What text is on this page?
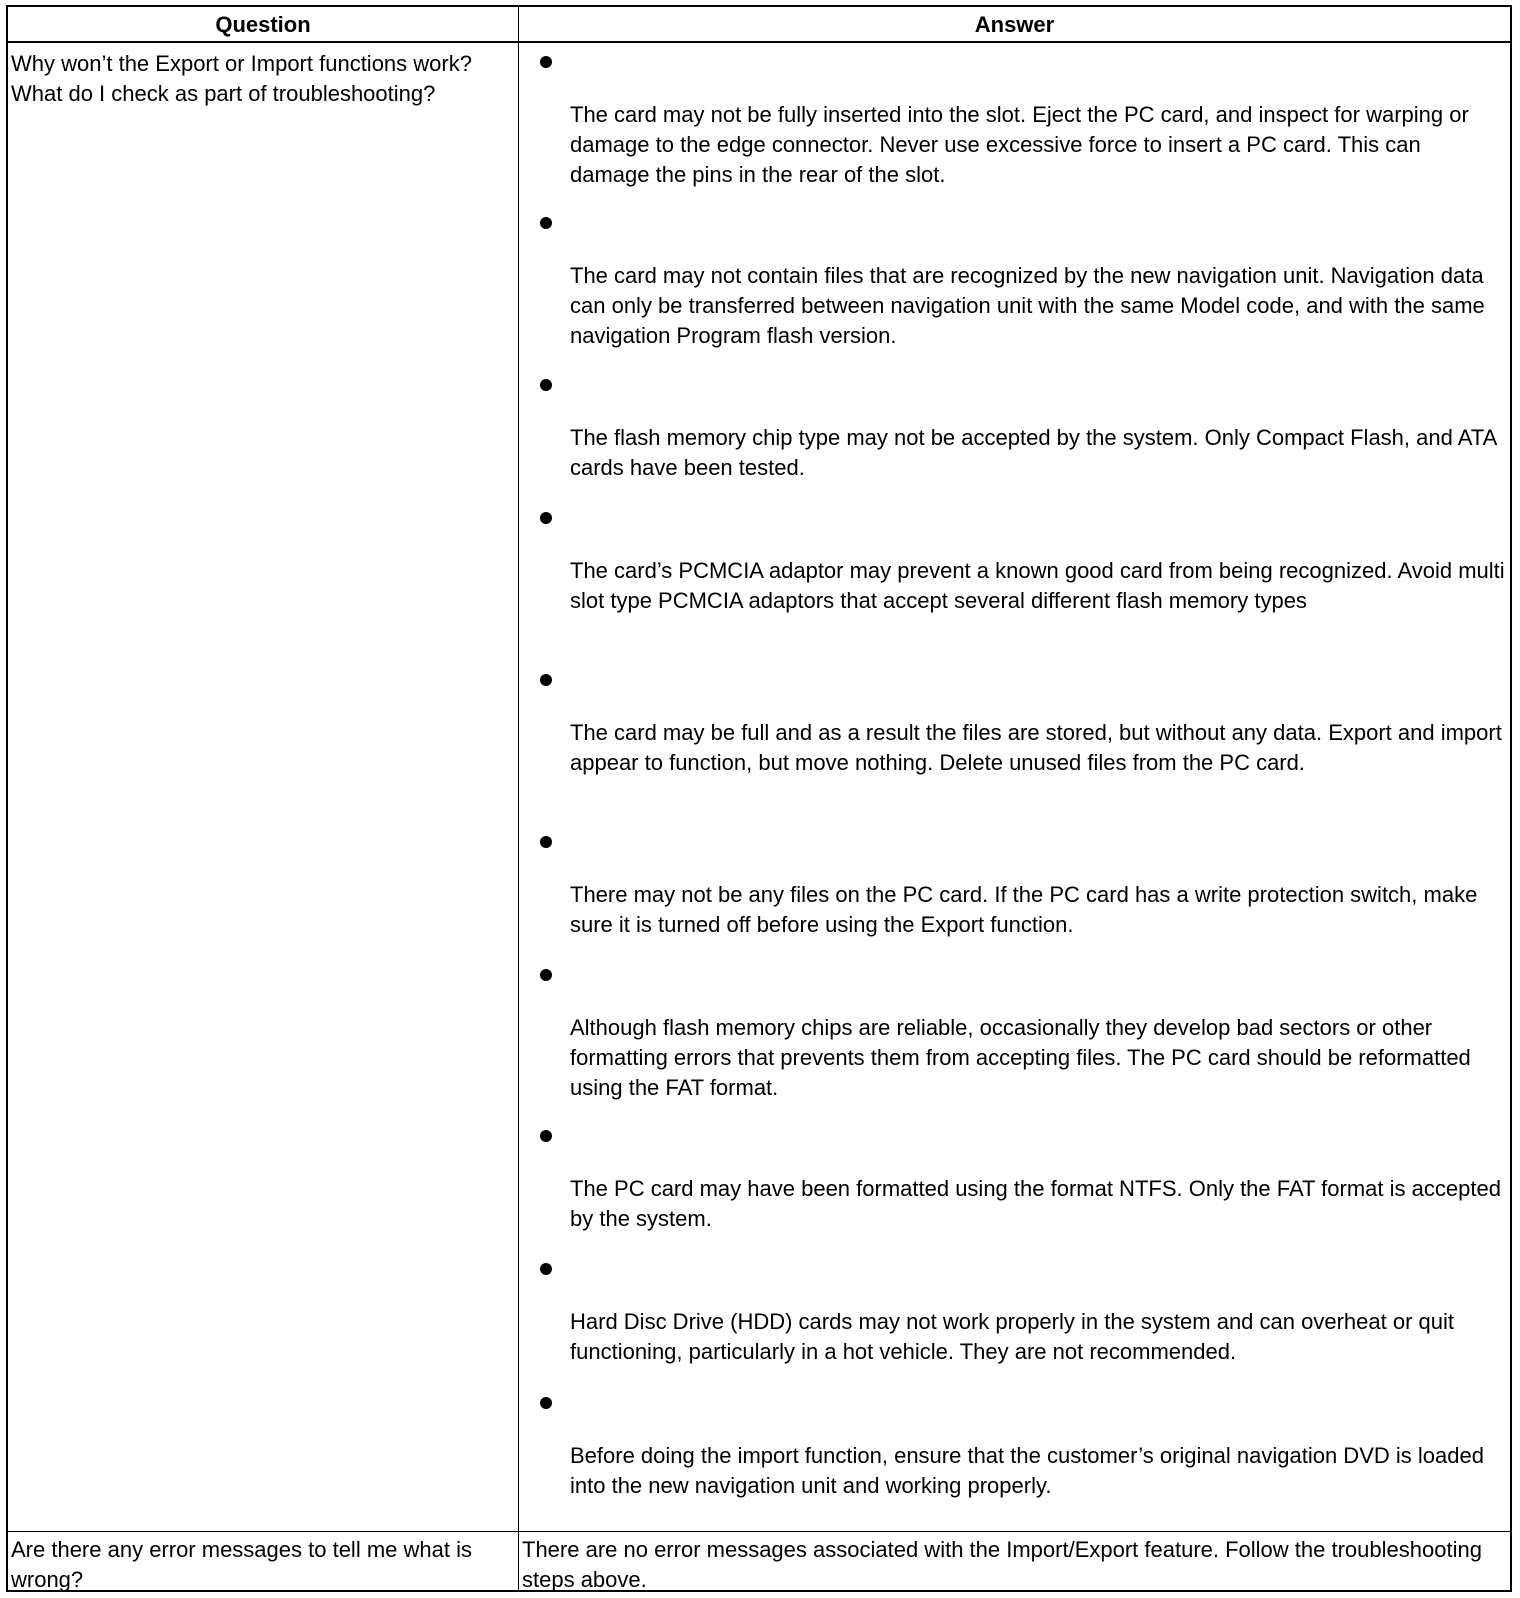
Question	Answer
Why won’t the Export or Import functions work? What do I check as part of troubleshooting?
The card may not be fully inserted into the slot. Eject the PC card, and inspect for warping or damage to the edge connector. Never use excessive force to insert a PC card. This can damage the pins in the rear of the slot.
The card may not contain files that are recognized by the new navigation unit. Navigation data can only be transferred between navigation unit with the same Model code, and with the same navigation Program flash version.
The flash memory chip type may not be accepted by the system. Only Compact Flash, and ATA cards have been tested.
The card’s PCMCIA adaptor may prevent a known good card from being recognized. Avoid multi slot type PCMCIA adaptors that accept several different flash memory types
The card may be full and as a result the files are stored, but without any data. Export and import appear to function, but move nothing. Delete unused files from the PC card.
There may not be any files on the PC card. If the PC card has a write protection switch, make sure it is turned off before using the Export function.
Although flash memory chips are reliable, occasionally they develop bad sectors or other formatting errors that prevents them from accepting files. The PC card should be reformatted using the FAT format.
The PC card may have been formatted using the format NTFS. Only the FAT format is accepted by the system.
Hard Disc Drive (HDD) cards may not work properly in the system and can overheat or quit functioning, particularly in a hot vehicle. They are not recommended.
Before doing the import function, ensure that the customer’s original navigation DVD is loaded into the new navigation unit and working properly.
Are there any error messages to tell me what is wrong?
There are no error messages associated with the Import/Export feature. Follow the troubleshooting steps above.
